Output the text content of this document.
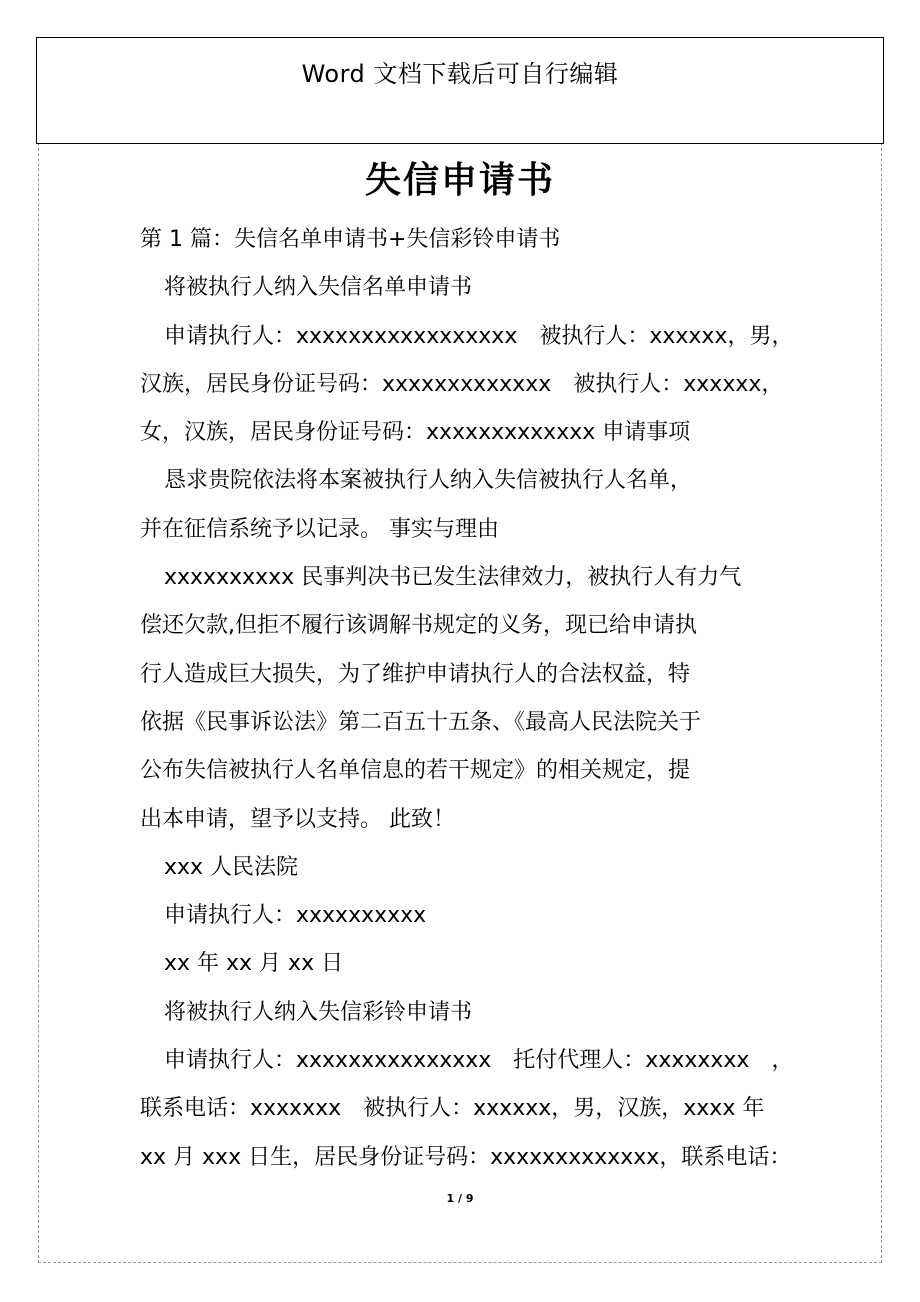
Word 文档下载后可自行编辑
失信申请书
第 1 篇：失信名单申请书+失信彩铃申请书
将被执行人纳入失信名单申请书
申请执行人：xxxxxxxxxxxxxxxxx　被执行人：xxxxxx，男，
汉族，居民身份证号码：xxxxxxxxxxxxx　被执行人：xxxxxx，
女，汉族，居民身份证号码：xxxxxxxxxxxxx 申请事项
恳求贵院依法将本案被执行人纳入失信被执行人名单，
并在征信系统予以记录。 事实与理由
xxxxxxxxxx 民事判决书已发生法律效力，被执行人有力气
偿还欠款,但拒不履行该调解书规定的义务，现已给申请执
行人造成巨大损失，为了维护申请执行人的合法权益，特
依据《民事诉讼法》第二百五十五条、《最高人民法院关于
公布失信被执行人名单信息的若干规定》的相关规定，提
出本申请，望予以支持。 此致！
xxx 人民法院
申请执行人：xxxxxxxxxx
xx 年 xx 月 xx 日
将被执行人纳入失信彩铃申请书
申请执行人：xxxxxxxxxxxxxxx　托付代理人：xxxxxxxx　，
联系电话：xxxxxxx　被执行人：xxxxxx，男，汉族，xxxx 年
xx 月 xxx 日生，居民身份证号码：xxxxxxxxxxxxx，联系电话：
1 / 9
